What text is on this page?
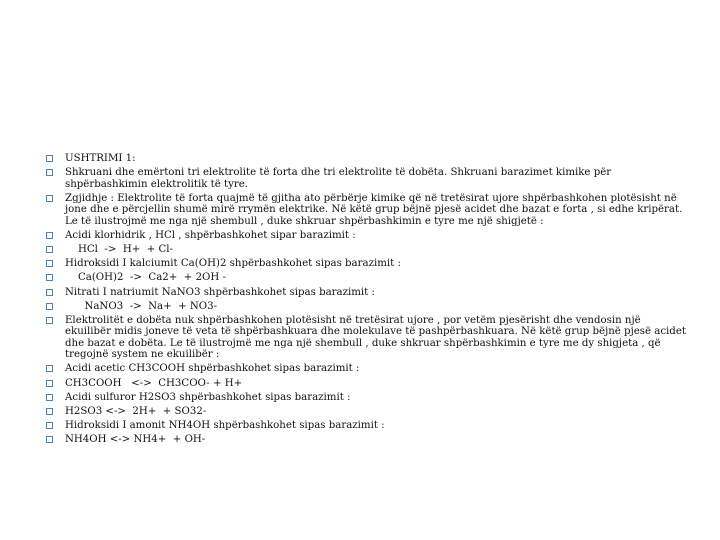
USHTRIMI 1:
Shkruani dhe emërtoni tri elektrolite të forta dhe tri elektrolite të dobëta. Shkruani barazimet kimike për shpërbashkimin elektrolitik të tyre.
Zgjidhje : Elektrolite të forta quajmë të gjitha ato përbërje kimike që në tretësirat ujore shpërbashkohen plotësisht në jone dhe e përcjellin shumë mirë rrymën elektrike. Në këtë grup bëjnë pjesë acidet dhe bazat e forta , si edhe kripërat. Le të ilustrojmë me nga një shembull , duke shkruar shpërbashkimin e tyre me një shigjetë :
Acidi klorhidrik , HCl , shpërbashkohet sipar barazimit :
HCl  ->  H+  + Cl-
Hidroksidi I kalciumit Ca(OH)2 shpërbashkohet sipas barazimit :
Ca(OH)2  ->  Ca2+  + 2OH -
Nitrati I natriumit NaNO3 shpërbashkohet sipas barazimit :
NaNO3  ->  Na+  + NO3-
Elektrolitët e dobëta nuk shpërbashkohen plotësisht në tretësirat ujore , por vetëm pjesërisht dhe vendosin një ekuilibër midis joneve të veta të shpërbashkuara dhe molekulave të pashpërbashkuara. Në këtë grup bëjnë pjesë acidet dhe bazat e dobëta. Le të ilustrojmë me nga një shembull , duke shkruar shpërbashkimin e tyre me dy shigjeta , që tregojnë system ne ekuilibër :
Acidi acetic CH3COOH shpërbashkohet sipas barazimit :
CH3COOH   <->  CH3COO- + H+
Acidi sulfuror H2SO3 shpërbashkohet sipas barazimit :
H2SO3 <->  2H+  + SO32-
Hidroksidi I amonit NH4OH shpërbashkohet sipas barazimit :
NH4OH <-> NH4+  + OH-
